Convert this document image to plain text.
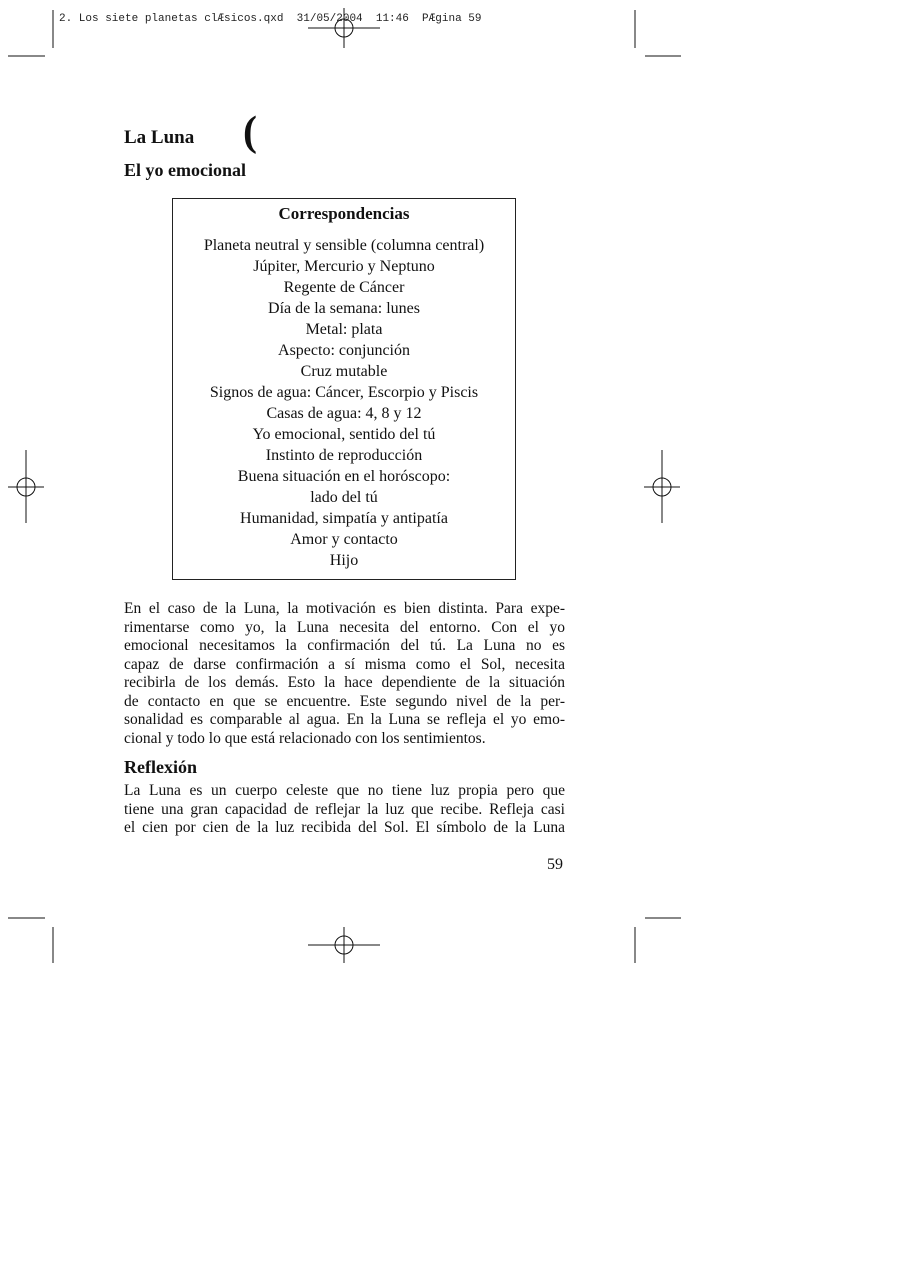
2. Los siete planetas clÆsicos.qxd  31/05/2004  11:46  PÆgina 59
La Luna (
El yo emocional
Correspondencias
Planeta neutral y sensible (columna central)
Júpiter, Mercurio y Neptuno
Regente de Cáncer
Día de la semana: lunes
Metal: plata
Aspecto: conjunción
Cruz mutable
Signos de agua: Cáncer, Escorpio y Piscis
Casas de agua: 4, 8 y 12
Yo emocional, sentido del tú
Instinto de reproducción
Buena situación en el horóscopo:
lado del tú
Humanidad, simpatía y antipatía
Amor y contacto
Hijo
En el caso de la Luna, la motivación es bien distinta. Para expe-
rimentarse como yo, la Luna necesita del entorno. Con el yo
emocional necesitamos la confirmación del tú. La Luna no es
capaz de darse confirmación a sí misma como el Sol, necesita
recibirla de los demás. Esto la hace dependiente de la situación
de contacto en que se encuentre. Este segundo nivel de la per-
sonalidad es comparable al agua. En la Luna se refleja el yo emo-
cional y todo lo que está relacionado con los sentimientos.
Reflexión
La Luna es un cuerpo celeste que no tiene luz propia pero que
tiene una gran capacidad de reflejar la luz que recibe. Refleja casi
el cien por cien de la luz recibida del Sol. El símbolo de la Luna
59
